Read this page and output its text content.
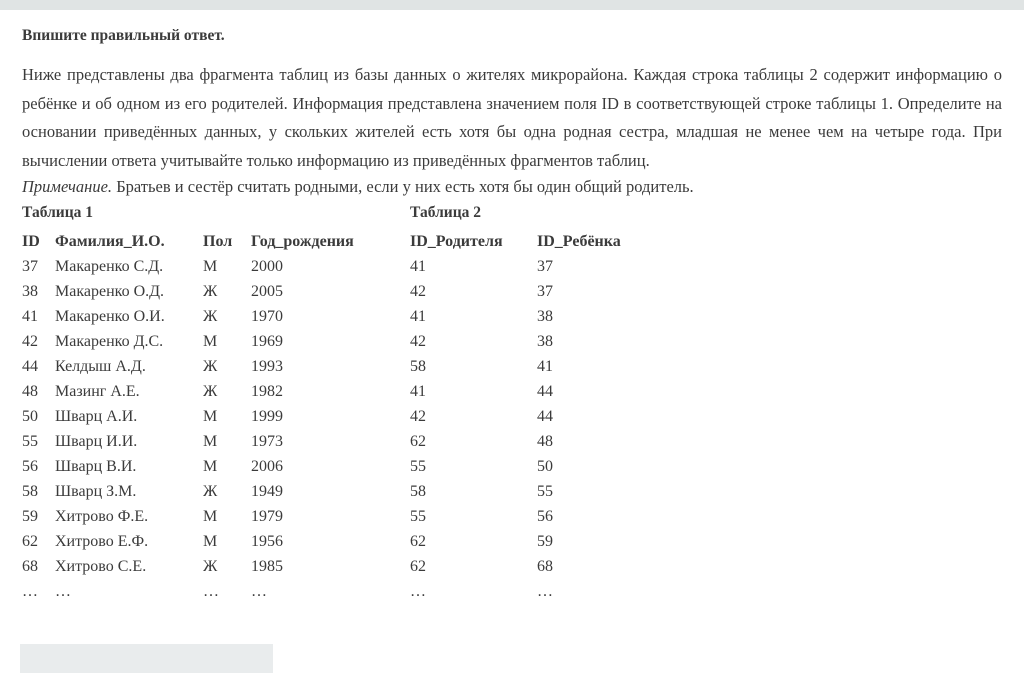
Впишите правильный ответ.

Ниже представлены два фрагмента таблиц из базы данных о жителях микрорайона. Каждая строка таблицы 2 содержит информацию о ребёнке и об одном из его родителей. Информация представлена значением поля ID в соответствующей строке таблицы 1. Определите на основании приведённых данных, у скольких жителей есть хотя бы одна родная сестра, младшая не менее чем на четыре года. При вычислении ответа учитывайте только информацию из приведённых фрагментов таблиц.

Примечание. Братьев и сестёр считать родными, если у них есть хотя бы один общий родитель.

Таблица 1
ID	Фамилия_И.О.	Пол	Год_рождения
37	Макаренко С.Д.	М	2000
38	Макаренко О.Д.	Ж	2005
41	Макаренко О.И.	Ж	1970
42	Макаренко Д.С.	М	1969
44	Келдыш А.Д.	Ж	1993
48	Мазинг А.Е.	Ж	1982
50	Шварц А.И.	М	1999
55	Шварц И.И.	М	1973
56	Шварц В.И.	М	2006
58	Шварц З.М.	Ж	1949
59	Хитрово Ф.Е.	М	1979
62	Хитрово Е.Ф.	М	1956
68	Хитрово С.Е.	Ж	1985
…	…	…	…
Таблица 2
ID_Родителя	ID_Ребёнка
41	37
42	37
41	38
42	38
58	41
41	44
42	44
62	48
55	50
58	55
55	56
62	59
62	68
…	…
